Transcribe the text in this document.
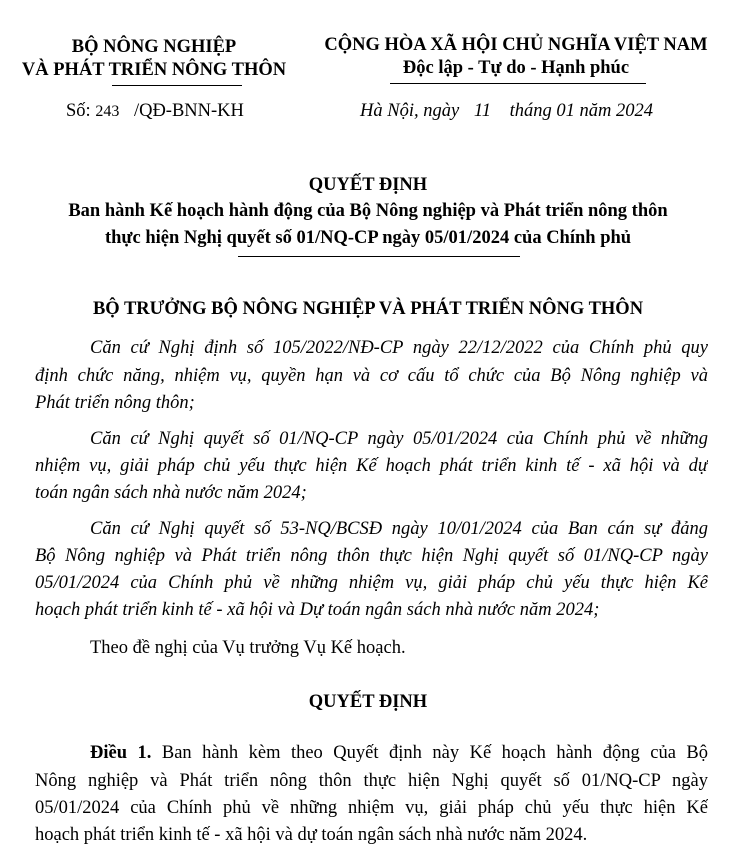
BỘ NÔNG NGHIỆP
VÀ PHÁT TRIỂN NÔNG THÔN
CỘNG HÒA XÃ HỘI CHỦ NGHĨA VIỆT NAM
Độc lập - Tự do - Hạnh phúc
Số: 243 /QĐ-BNN-KH	Hà Nội, ngày 11 tháng 01 năm 2024
QUYẾT ĐỊNH
Ban hành Kế hoạch hành động của Bộ Nông nghiệp và Phát triển nông thôn
thực hiện Nghị quyết số 01/NQ-CP ngày 05/01/2024 của Chính phủ
BỘ TRƯỞNG BỘ NÔNG NGHIỆP VÀ PHÁT TRIỂN NÔNG THÔN
Căn cứ Nghị định số 105/2022/NĐ-CP ngày 22/12/2022 của Chính phủ quy
định chức năng, nhiệm vụ, quyền hạn và cơ cấu tổ chức của Bộ Nông nghiệp và
Phát triển nông thôn;
Căn cứ Nghị quyết số 01/NQ-CP ngày 05/01/2024 của Chính phủ về những
nhiệm vụ, giải pháp chủ yếu thực hiện Kế hoạch phát triển kinh tế - xã hội và dự
toán ngân sách nhà nước năm 2024;
Căn cứ Nghị quyết số 53-NQ/BCSĐ ngày 10/01/2024 của Ban cán sự đảng
Bộ Nông nghiệp và Phát triển nông thôn thực hiện Nghị quyết số 01/NQ-CP ngày
05/01/2024 của Chính phủ về những nhiệm vụ, giải pháp chủ yếu thực hiện Kế
hoạch phát triển kinh tế - xã hội và Dự toán ngân sách nhà nước năm 2024;
Theo đề nghị của Vụ trưởng Vụ Kế hoạch.
QUYẾT ĐỊNH
Điều 1. Ban hành kèm theo Quyết định này Kế hoạch hành động của Bộ
Nông nghiệp và Phát triển nông thôn thực hiện Nghị quyết số 01/NQ-CP ngày
05/01/2024 của Chính phủ về những nhiệm vụ, giải pháp chủ yếu thực hiện Kế
hoạch phát triển kinh tế - xã hội và dự toán ngân sách nhà nước năm 2024.
